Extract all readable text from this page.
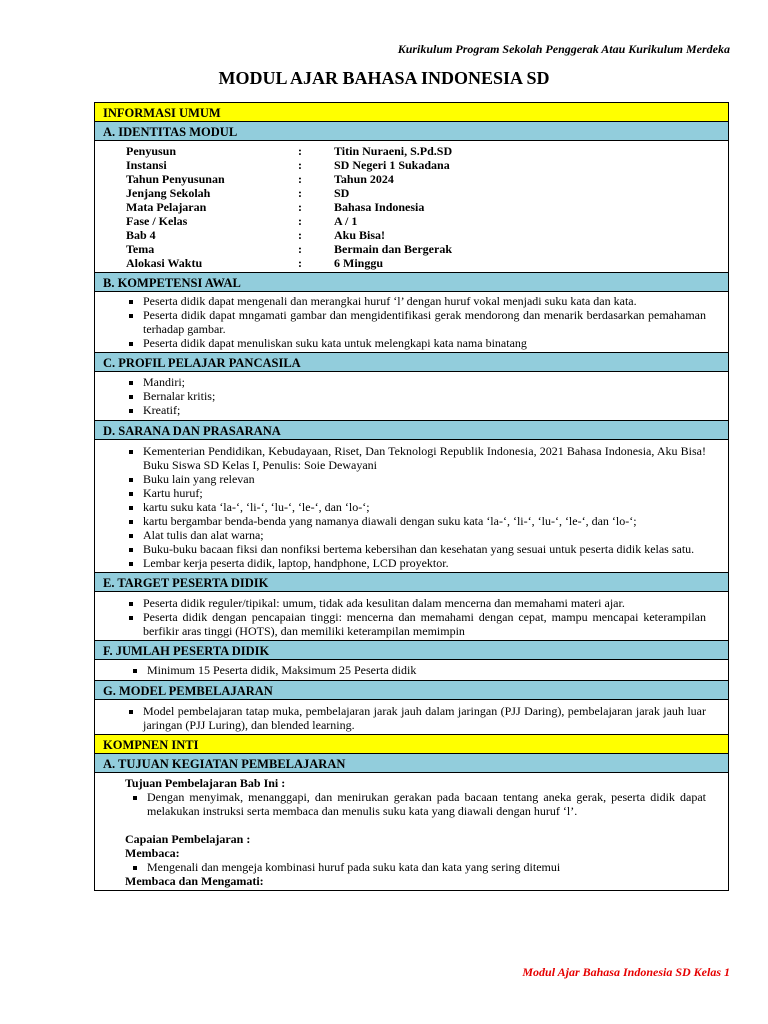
Kurikulum Program Sekolah Penggerak Atau Kurikulum Merdeka
MODUL AJAR BAHASA INDONESIA SD
INFORMASI UMUM
A. IDENTITAS MODUL
Penyusun	:	Titin Nuraeni, S.Pd.SD
Instansi	:	SD Negeri 1 Sukadana
Tahun Penyusunan	:	Tahun 2024
Jenjang Sekolah	:	SD
Mata Pelajaran	:	Bahasa Indonesia
Fase / Kelas	:	A / 1
Bab 4	:	Aku Bisa!
Tema	:	Bermain dan Bergerak
Alokasi Waktu	:	6 Minggu
B. KOMPETENSI AWAL
▪ Peserta didik dapat mengenali dan merangkai huruf ‘l’ dengan huruf vokal menjadi suku kata dan kata.
▪ Peserta didik dapat mngamati gambar dan mengidentifikasi gerak mendorong dan menarik berdasarkan pemahaman terhadap gambar.
▪ Peserta didik dapat menuliskan suku kata untuk melengkapi kata nama binatang
C. PROFIL PELAJAR PANCASILA
▪ Mandiri;
▪ Bernalar kritis;
▪ Kreatif;
D. SARANA DAN PRASARANA
▪ Kementerian Pendidikan, Kebudayaan, Riset, Dan Teknologi Republik Indonesia, 2021 Bahasa Indonesia, Aku Bisa! Buku Siswa SD Kelas I, Penulis: Soie Dewayani
▪ Buku lain yang relevan
▪ Kartu huruf;
▪ kartu suku kata ‘la-‘, ‘li-‘, ‘lu-‘, ‘le-‘, dan ‘lo-‘;
▪ kartu bergambar benda-benda yang namanya diawali dengan suku kata ‘la-‘, ‘li-‘, ‘lu-‘, ‘le-‘, dan ‘lo-‘;
▪ Alat tulis dan alat warna;
▪ Buku-buku bacaan fiksi dan nonfiksi bertema kebersihan dan kesehatan yang sesuai untuk peserta didik kelas satu.
▪ Lembar kerja peserta didik, laptop, handphone, LCD proyektor.
E. TARGET PESERTA DIDIK
▪ Peserta didik reguler/tipikal: umum, tidak ada kesulitan dalam mencerna dan memahami materi ajar.
▪ Peserta didik dengan pencapaian tinggi: mencerna dan memahami dengan cepat, mampu mencapai keterampilan berfikir aras tinggi (HOTS), dan memiliki keterampilan memimpin
F. JUMLAH PESERTA DIDIK
▪ Minimum 15 Peserta didik, Maksimum 25 Peserta didik
G. MODEL PEMBELAJARAN
▪ Model pembelajaran tatap muka, pembelajaran jarak jauh dalam jaringan (PJJ Daring), pembelajaran jarak jauh luar jaringan (PJJ Luring), dan blended learning.
KOMPNEN INTI
A. TUJUAN KEGIATAN PEMBELAJARAN
Tujuan Pembelajaran Bab Ini :
▪ Dengan menyimak, menanggapi, dan menirukan gerakan pada bacaan tentang aneka gerak, peserta didik dapat melakukan instruksi serta membaca dan menulis suku kata yang diawali dengan huruf ‘l’.
Capaian Pembelajaran :
Membaca:
▪ Mengenali dan mengeja kombinasi huruf pada suku kata dan kata yang sering ditemui
Membaca dan Mengamati:
Modul Ajar Bahasa Indonesia SD Kelas 1
